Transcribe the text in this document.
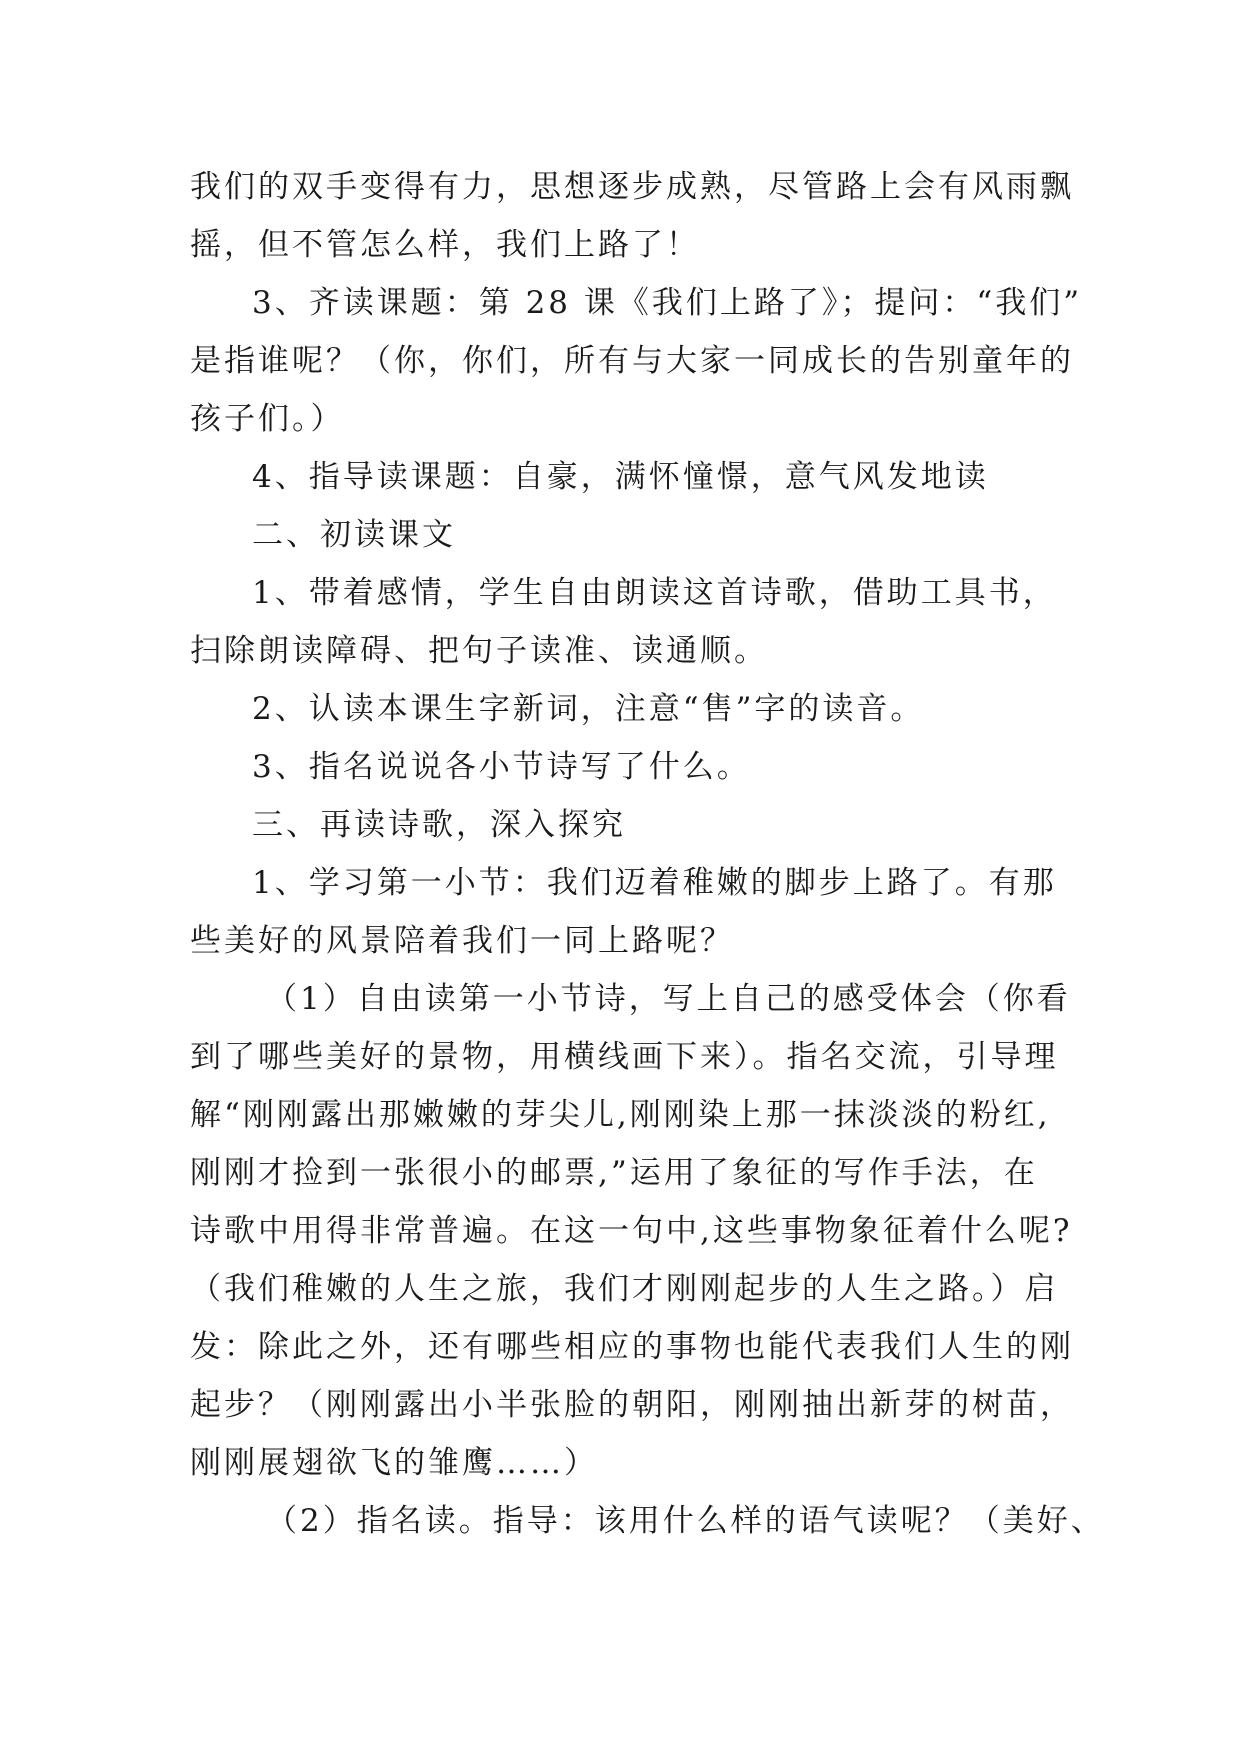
我们的双手变得有力，思想逐步成熟，尽管路上会有风雨飘
摇，但不管怎么样，我们上路了！
3、齐读课题：第 28 课《我们上路了》；提问：“我们”
是指谁呢？（你，你们，所有与大家一同成长的告别童年的
孩子们。）
4、指导读课题：自豪，满怀憧憬，意气风发地读
二、初读课文
1、带着感情，学生自由朗读这首诗歌，借助工具书，
扫除朗读障碍、把句子读准、读通顺。
2、认读本课生字新词，注意“售”字的读音。
3、指名说说各小节诗写了什么。
三、再读诗歌，深入探究
1、学习第一小节：我们迈着稚嫩的脚步上路了。有那
些美好的风景陪着我们一同上路呢？
（1）自由读第一小节诗，写上自己的感受体会（你看
到了哪些美好的景物，用横线画下来）。指名交流，引导理
解“刚刚露出那嫩嫩的芽尖儿,刚刚染上那一抹淡淡的粉红,
刚刚才捡到一张很小的邮票,”运用了象征的写作手法，在
诗歌中用得非常普遍。在这一句中,这些事物象征着什么呢?
（我们稚嫩的人生之旅，我们才刚刚起步的人生之路。）启
发：除此之外，还有哪些相应的事物也能代表我们人生的刚
起步？（刚刚露出小半张脸的朝阳，刚刚抽出新芽的树苗，
刚刚展翅欲飞的雏鹰……）
（2）指名读。指导：该用什么样的语气读呢？（美好、
